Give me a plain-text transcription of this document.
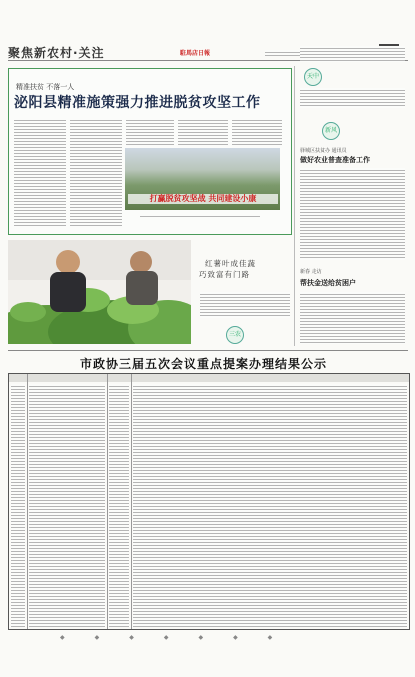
聚焦新农村·关注	駐馬店日報
精准扶贫 不落一人
泌阳县精准施策强力推进脱贫攻坚工作
打赢脱贫攻坚战 共同建设小康
天中
新风
驿城区扶贫办 通讯员
做好农业普查准备工作
新春 走访
帮扶金送给贫困户
红薯叶成佳蔬
巧致富有门路
三农
市政协三届五次会议重点提案办理结果公示
◆◆◆◆◆◆◆
